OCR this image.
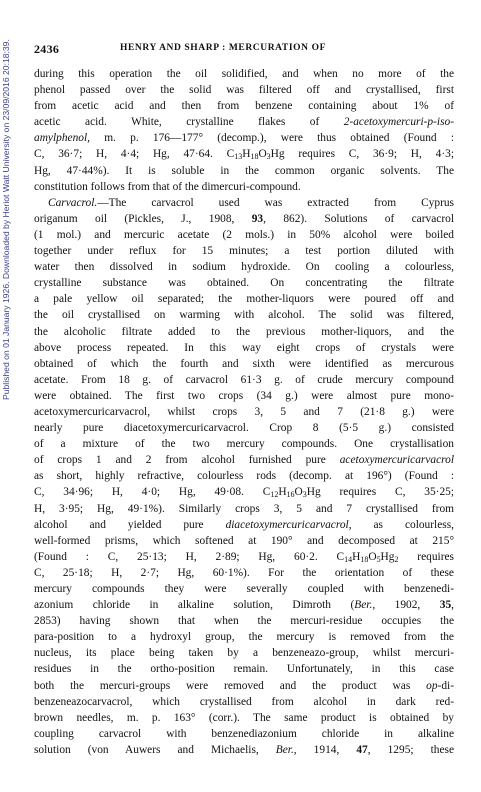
Published on 01 January 1926. Downloaded by Heriot Watt University on 23/09/2016 20:18:39. 2436	HENRY AND SHARP : MERCURATION OF
during this operation the oil solidified, and when no more of the
phenol passed over the solid was filtered off and crystallised, first
from acetic acid and then from benzene containing about 1% of
acetic acid. White, crystalline flakes of 2-acetoxymercuri-p-iso-
amylphenol, m. p. 176—177° (decomp.), were thus obtained (Found :
C, 36·7; H, 4·4; Hg, 47·64. $C_{13}H_{18}O_3Hg$ requires C, 36·9; H, 4·3;
Hg, 47·44%). It is soluble in the common organic solvents. The
constitution follows from that of the dimercuri-compound.
Carvacrol.—The carvacrol used was extracted from Cyprus
origanum oil (Pickles, J., 1908, 93, 862). Solutions of carvacrol
(1 mol.) and mercuric acetate (2 mols.) in 50% alcohol were boiled
together under reflux for 15 minutes; a test portion diluted with
water then dissolved in sodium hydroxide. On cooling a colourless,
crystalline substance was obtained. On concentrating the filtrate
a pale yellow oil separated; the mother-liquors were poured off and
the oil crystallised on warming with alcohol. The solid was filtered,
the alcoholic filtrate added to the previous mother-liquors, and the
above process repeated. In this way eight crops of crystals were
obtained of which the fourth and sixth were identified as mercurous
acetate. From 18 g. of carvacrol 61·3 g. of crude mercury compound
were obtained. The first two crops (34 g.) were almost pure mono-
acetoxymercuricarvacrol, whilst crops 3, 5 and 7 (21·8 g.) were
nearly pure diacetoxymercuricarvacrol. Crop 8 (5·5 g.) consisted
of a mixture of the two mercury compounds. One crystallisation
of crops 1 and 2 from alcohol furnished pure acetoxymercuricarvacrol
as short, highly refractive, colourless rods (decomp. at 196°) (Found :
C, 34·96; H, 4·0; Hg, 49·08. $C_{12}H_{16}O_3Hg$ requires C, 35·25;
H, 3·95; Hg, 49·1%). Similarly crops 3, 5 and 7 crystallised from
alcohol and yielded pure diacetoxymercuricarvacrol, as colourless,
well-formed prisms, which softened at 190° and decomposed at 215°
(Found : C, 25·13; H, 2·89; Hg, 60·2. $C_{14}H_{18}O_5Hg_2$ requires
C, 25·18; H, 2·7; Hg, 60·1%). For the orientation of these
mercury compounds they were severally coupled with benzenedi-
azonium chloride in alkaline solution, Dimroth (Ber., 1902, 35,
2853) having shown that when the mercuri-residue occupies the
para-position to a hydroxyl group, the mercury is removed from the
nucleus, its place being taken by a benzeneazo-group, whilst mercuri-
residues in the ortho-position remain. Unfortunately, in this case
both the mercuri-groups were removed and the product was op-di-
benzeneazocarvacrol, which crystallised from alcohol in dark red-
brown needles, m. p. 163° (corr.). The same product is obtained by
coupling carvacrol with benzenediazonium chloride in alkaline
solution (von Auwers and Michaelis, Ber., 1914, 47, 1295; these
